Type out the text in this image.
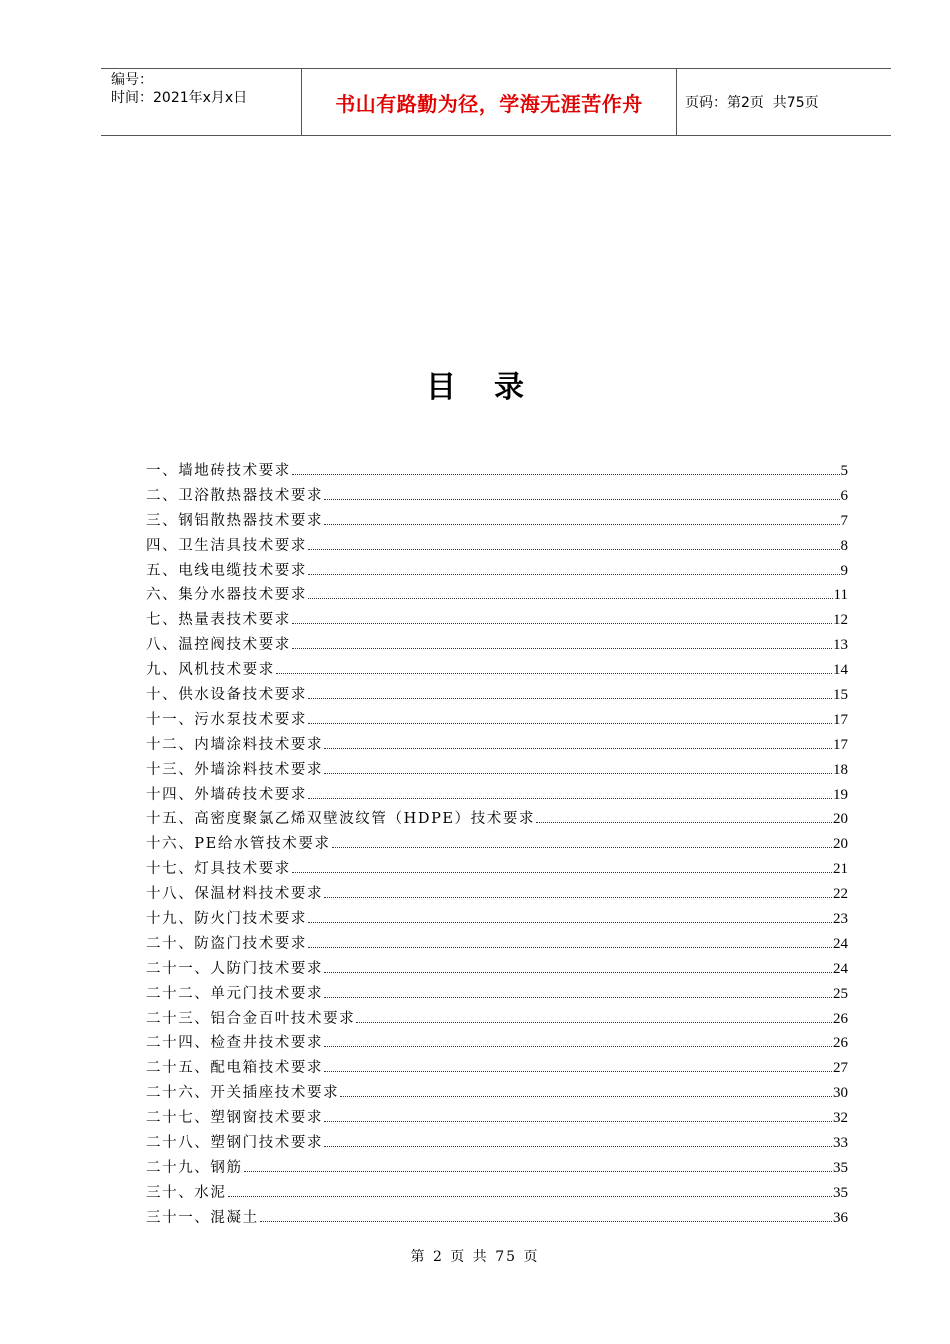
编号：
时间：2021年x月x日	书山有路勤为径，学海无涯苦作舟	页码：第2页  共75页
目录
一、墙地砖技术要求	5
二、卫浴散热器技术要求	6
三、钢铝散热器技术要求	7
四、卫生洁具技术要求	8
五、电线电缆技术要求	9
六、集分水器技术要求	11
七、热量表技术要求	12
八、温控阀技术要求	13
九、风机技术要求	14
十、供水设备技术要求	15
十一、污水泵技术要求	17
十二、内墙涂料技术要求	17
十三、外墙涂料技术要求	18
十四、外墙砖技术要求	19
十五、高密度聚氯乙烯双壁波纹管（HDPE）技术要求	20
十六、PE给水管技术要求	20
十七、灯具技术要求	21
十八、保温材料技术要求	22
十九、防火门技术要求	23
二十、防盗门技术要求	24
二十一、人防门技术要求	24
二十二、单元门技术要求	25
二十三、铝合金百叶技术要求	26
二十四、检查井技术要求	26
二十五、配电箱技术要求	27
二十六、开关插座技术要求	30
二十七、塑钢窗技术要求	32
二十八、塑钢门技术要求	33
二十九、钢筋	35
三十、水泥	35
三十一、混凝土	36
第 2 页 共 75 页
